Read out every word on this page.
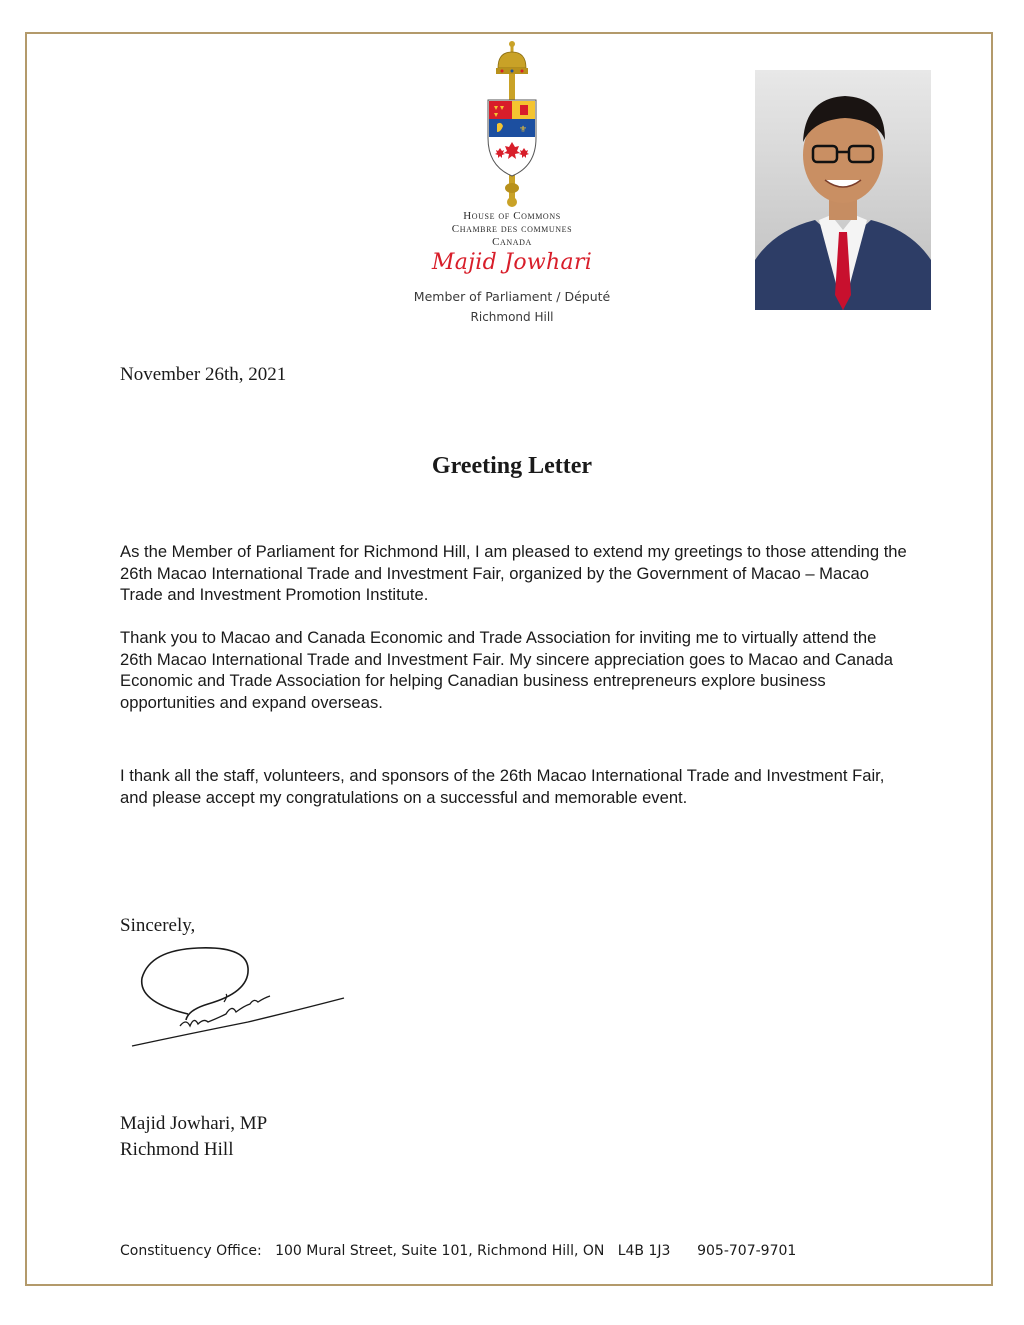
⚜
House of Commons
Chambre des communes
Canada
Majid Jowhari
Member of Parliament / Député
Richmond Hill
November 26th, 2021
Greeting Letter
As the Member of Parliament for Richmond Hill, I am pleased to extend my greetings to those attending the 26th Macao International Trade and Investment Fair, organized by the Government of Macao – Macao Trade and Investment Promotion Institute.
Thank you to Macao and Canada Economic and Trade Association for inviting me to virtually attend the 26th Macao International Trade and Investment Fair. My sincere appreciation goes to Macao and Canada Economic and Trade Association for helping Canadian business entrepreneurs explore business opportunities and expand overseas.
I thank all the staff, volunteers, and sponsors of the 26th Macao International Trade and Investment Fair, and please accept my congratulations on a successful and memorable event.
Sincerely,
Majid Jowhari, MP
Richmond Hill
Constituency Office:   100 Mural Street, Suite 101, Richmond Hill, ON   L4B 1J3      905-707-9701
